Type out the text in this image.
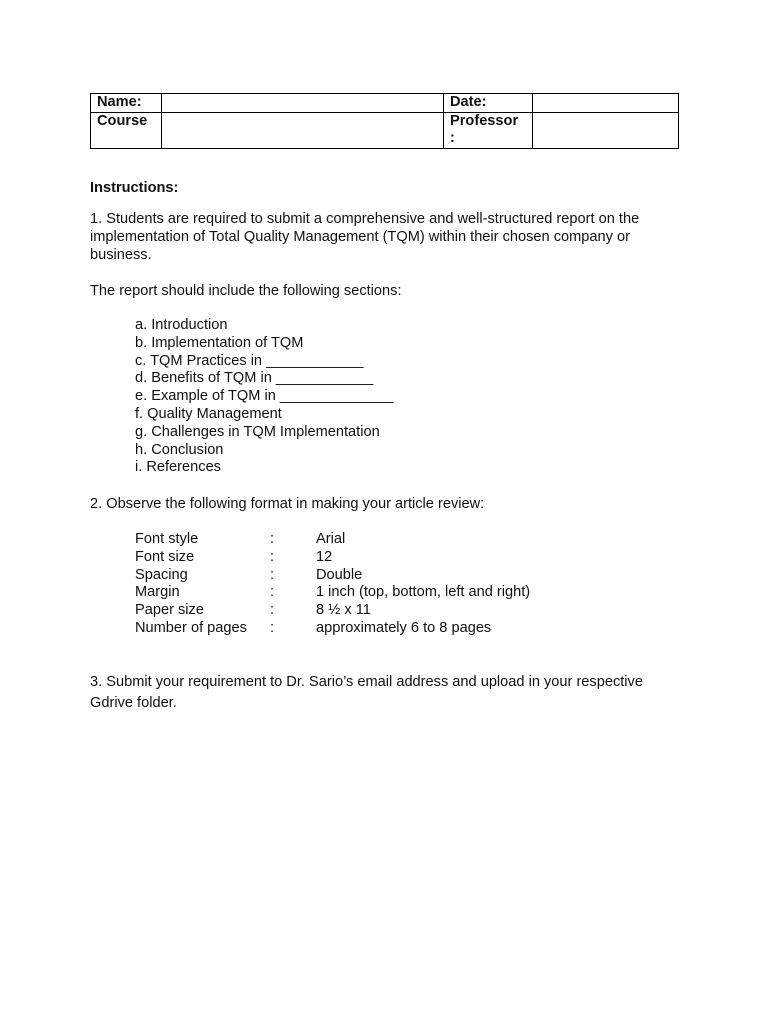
Name:		Date:	
Course		Professor
:	

Instructions:

1. Students are required to submit a comprehensive and well-structured report on the implementation of Total Quality Management (TQM) within their chosen company or business.

The report should include the following sections:

a. Introduction
b. Implementation of TQM
c. TQM Practices in ____________
d. Benefits of TQM in ____________
e. Example of TQM in ______________
f. Quality Management
g. Challenges in TQM Implementation
h. Conclusion
i. References

2. Observe the following format in making your article review:

Font style	:	Arial
Font size	:	12
Spacing	:	Double
Margin	:	1 inch (top, bottom, left and right)
Paper size	:	8 ½ x 11
Number of pages	:	approximately 6 to 8 pages

3. Submit your requirement to Dr. Sario’s email address and upload in your respective Gdrive folder.
